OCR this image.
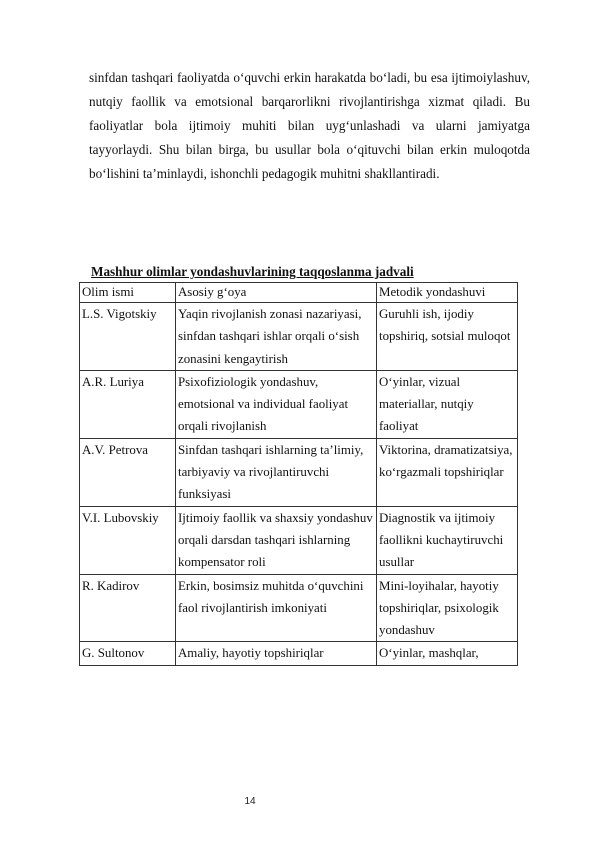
sinfdan tashqari faoliyatda o‘quvchi erkin harakatda bo‘ladi, bu esa ijtimoiylashuv, nutqiy faollik va emotsional barqarorlikni rivojlantirishga xizmat qiladi. Bu faoliyatlar bola ijtimoiy muhiti bilan uyg‘unlashadi va ularni jamiyatga tayyorlaydi. Shu bilan birga, bu usullar bola o‘qituvchi bilan erkin muloqotda bo‘lishini ta’minlaydi, ishonchli pedagogik muhitni shakllantiradi.

Mashhur olimlar yondashuvlarining taqqoslanma jadvali

Olim ismi	Asosiy g‘oya	Metodik yondashuvi
L.S. Vigotskiy	Yaqin rivojlanish zonasi nazariyasi, sinfdan tashqari ishlar orqali o‘sish zonasini kengaytirish	Guruhli ish, ijodiy topshiriq, sotsial muloqot
A.R. Luriya	Psixofiziologik yondashuv, emotsional va individual faoliyat orqali rivojlanish	O‘yinlar, vizual materiallar, nutqiy faoliyat
A.V. Petrova	Sinfdan tashqari ishlarning ta’limiy, tarbiyaviy va rivojlantiruvchi funksiyasi	Viktorina, dramatizatsiya, ko‘rgazmali topshiriqlar
V.I. Lubovskiy	Ijtimoiy faollik va shaxsiy yondashuv orqali darsdan tashqari ishlarning kompensator roli	Diagnostik va ijtimoiy faollikni kuchaytiruvchi usullar
R. Kadirov	Erkin, bosimsiz muhitda o‘quvchini faol rivojlantirish imkoniyati	Mini-loyihalar, hayotiy topshiriqlar, psixologik yondashuv
G. Sultonov	Amaliy, hayotiy topshiriqlar	O‘yinlar, mashqlar,
14
